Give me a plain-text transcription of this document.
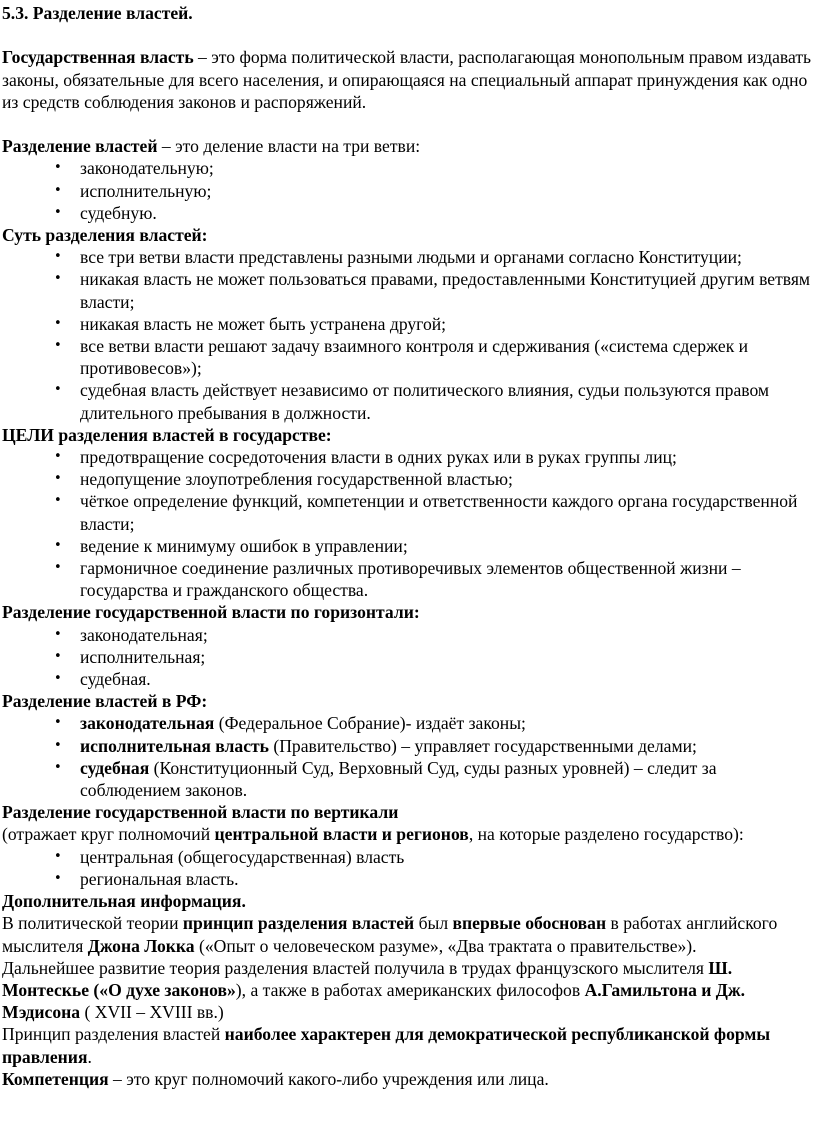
5.3. Разделение властей.

Государственная власть – это форма политической власти, располагающая монопольным правом издавать законы, обязательные для всего населения, и опирающаяся на специальный аппарат принуждения как одно из средств соблюдения законов и распоряжений.

Разделение властей – это деление власти на три ветви:

• законодательную;
• исполнительную;
• судебную.

Суть разделения властей:

• все три ветви власти представлены разными людьми и органами согласно Конституции;
• никакая власть не может пользоваться правами, предоставленными Конституцией другим ветвям власти;
• никакая власть не может быть устранена другой;
• все ветви власти решают задачу взаимного контроля и сдерживания («система сдержек и противовесов»);
• судебная власть действует независимо от политического влияния, судьи пользуются правом длительного пребывания в должности.

ЦЕЛИ разделения властей в государстве:

• предотвращение сосредоточения власти в одних руках или в руках группы лиц;
• недопущение злоупотребления государственной властью;
• чёткое определение функций, компетенции и ответственности каждого органа государственной власти;
• ведение к минимуму ошибок в управлении;
• гармоничное соединение различных противоречивых элементов общественной жизни – государства и гражданского общества.

Разделение государственной власти по горизонтали:

• законодательная;
• исполнительная;
• судебная.

Разделение властей в РФ:

• законодательная (Федеральное Собрание)- издаёт законы;
• исполнительная власть (Правительство) – управляет государственными делами;
• судебная (Конституционный Суд, Верховный Суд, суды разных уровней) – следит за соблюдением законов.

Разделение государственной власти по вертикали

(отражает круг полномочий центральной власти и регионов, на которые разделено государство):

• центральная (общегосударственная) власть
• региональная власть.

Дополнительная информация.

В политической теории принцип разделения властей был впервые обоснован в работах английского мыслителя Джона Локка («Опыт о человеческом разуме», «Два трактата о правительстве»).

Дальнейшее развитие теория разделения властей получила в трудах французского мыслителя Ш. Монтескье («О духе законов»), а также в работах американских философов А.Гамильтона и Дж. Мэдисона ( XVII – XVIII вв.)

Принцип разделения властей наиболее характерен для демократической республиканской формы правления.

Компетенция – это круг полномочий какого-либо учреждения или лица.
